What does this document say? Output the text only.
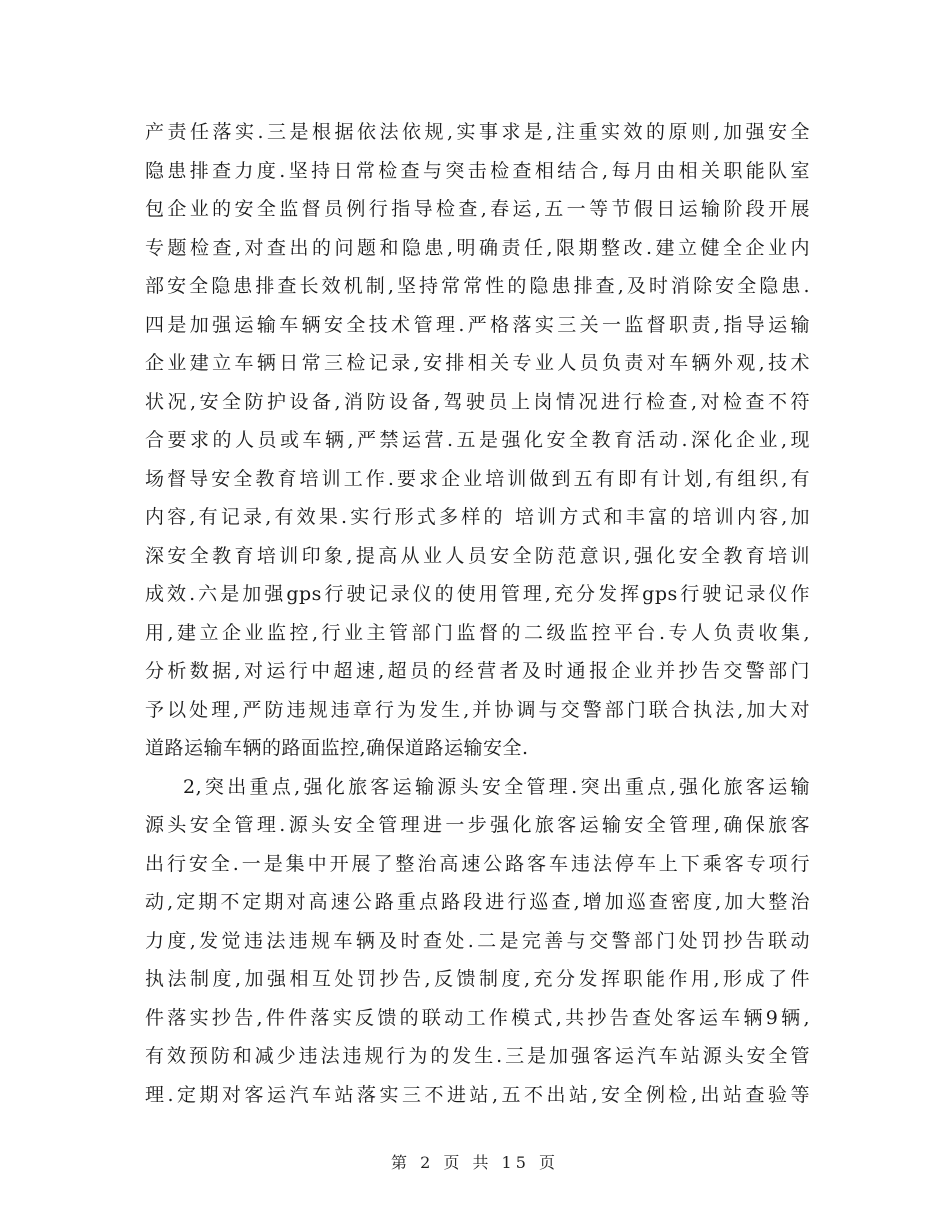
产责任落实.三是根据依法依规,实事求是,注重实效的原则,加强安全
隐患排查力度.坚持日常检查与突击检查相结合,每月由相关职能队室
包企业的安全监督员例行指导检查,春运,五一等节假日运输阶段开展
专题检查,对查出的问题和隐患,明确责任,限期整改.建立健全企业内
部安全隐患排查长效机制,坚持常常性的隐患排查,及时消除安全隐患.
四是加强运输车辆安全技术管理.严格落实三关一监督职责,指导运输
企业建立车辆日常三检记录,安排相关专业人员负责对车辆外观,技术
状况,安全防护设备,消防设备,驾驶员上岗情况进行检查,对检查不符
合要求的人员或车辆,严禁运营.五是强化安全教育活动.深化企业,现
场督导安全教育培训工作.要求企业培训做到五有即有计划,有组织,有
内容,有记录,有效果.实行形式多样的 培训方式和丰富的培训内容,加
深安全教育培训印象,提高从业人员安全防范意识,强化安全教育培训
成效.六是加强gps行驶记录仪的使用管理,充分发挥gps行驶记录仪作
用,建立企业监控,行业主管部门监督的二级监控平台.专人负责收集,
分析数据,对运行中超速,超员的经营者及时通报企业并抄告交警部门
予以处理,严防违规违章行为发生,并协调与交警部门联合执法,加大对
道路运输车辆的路面监控,确保道路运输安全.
2,突出重点,强化旅客运输源头安全管理.突出重点,强化旅客运输
源头安全管理.源头安全管理进一步强化旅客运输安全管理,确保旅客
出行安全.一是集中开展了整治高速公路客车违法停车上下乘客专项行
动,定期不定期对高速公路重点路段进行巡查,增加巡查密度,加大整治
力度,发觉违法违规车辆及时查处.二是完善与交警部门处罚抄告联动
执法制度,加强相互处罚抄告,反馈制度,充分发挥职能作用,形成了件
件落实抄告,件件落实反馈的联动工作模式,共抄告查处客运车辆9辆,
有效预防和减少违法违规行为的发生.三是加强客运汽车站源头安全管
理.定期对客运汽车站落实三不进站,五不出站,安全例检,出站查验等
第 2 页 共 15 页
